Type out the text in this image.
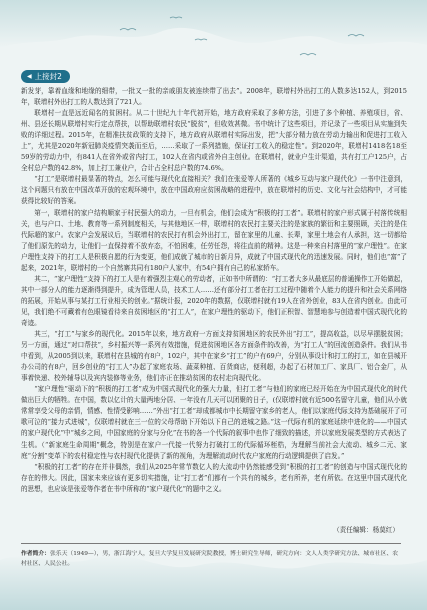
◀ 上接封2

新发芽，靠着血缘和地缘的细带，一批又一批的亲戚朋友被连续带了出去”。2008年，联增村外出打工的人数多达152人，到2015年，联增村外出打工的人数达到了721人。

联增村一直是远近闻名的贫困村。从二十世纪九十年代初开始，地方政府采取了多种方法，引进了多个种植、养殖项目，省、州、县还长期从联增村实行定点帮扶，以帮助联增村农民“脱贫”，但收效甚微。书中统计了这些项目，并记录了一些项目从实施到失败的详细过程。2015年，在精准扶贫政策的支持下，地方政府从联增村实际出发，把“大部分精力放在劳动力输出和促进打工收入上”，尤其是2020年新冠肺炎疫情突袭而至后，……采取了一系列措施，保证打工收入的稳定性”。到2020年，联增村1418名18至59岁的劳动力中，有841人在省外或省内打工，102人在省内或省外自主创业。在联增村，就业户生计渠道，共有打工户125户，占全村总户数的42.8%，加上打工兼业户，合计占全村总户数的74.6%。

“打工”是联增村最显著的特点，怎么可能与现代化直接相关？我们在张爱等人所著的《城乡互动与家户现代化》一书中注意到，这个问题只有放在中国改革开放的宏观环境中，放在中国政府应贫困战略的进程中，放在联增村的历史、文化与社会结构中，才可能获得比较好的答案。

第一，联增村的家户结构顺家于村民强大的动力，一旦有机会，他们会成为“积极的打工者”。联增村的家户形式属于村落传统相关，也与户口、土地、教育等一系列制度相关，与其他地区一样，联增村的农民打主要关注的是家族的繁衍和主要照顾，关注的是住代际超的家户。农家户会发展议后，当联增村的农民打有机会外出打工，留在家里的儿童、长辈，家里土地会有人承担，这一切都给了他们原先的动力，让他们一直保持着不放弃态，不怕困难，任劳任怨，将往直前的精神。这是一种来自村落里的“家户理性”。在家户理性支持下的打工人是积极自愿的行为变更，他们成就了城市的日新月异，成就了中国式现代化的迅速发展。同时，他们也“富”了起来，2021年，联增村的一个自然寨共同有180户人家中，有54户拥有自己的私家轿车。

其二，“家户理性”支持下的打工人是有着强烈主观心的劳动者，正如书中所谓的：“打工者大多从最底层的普通操作工开始做起，其中一部分人的能力逐渐得到提升，成为管理人员，技术工人……还有部分打工者在打工过程中随着个人能力的提升和社会关系网络的拓展，开始从事与某打工行业相关的创业。”据统计报，2020年的数据，仅联增村就有19人在省外创业，83人在省内创业。由此可见，我们绝不可藏着有色眼镜看待来自贫困地区的“打工人”，在家户理性的驱动下，他们正积智、智慧地参与创造着中国式现代化的奇迹。

其三，“打工”与家乡的现代化。2015年以来，地方政府一方面支持贫困地区的农民外出“打工”，提高收益，以尽早摆脱贫困；另一方面，通过“对口帮扶”，乡村振兴等一系列有效措施，促进贫困地区各方面条件的改善，为“打工人”的回流创造条件。我们从书中看到，从2005到以来，联增村在县城的有8户，102户，其中在家乡“打工”的户有69户，分别从事设计和打工的打工，如在县城开办公司的有8户，回乡创业的“打工人”办起了家庭农场、蔬菜种植、百货商店，便利超，办起了石材加工厂、家具厂、铝合金厂，从事着快递、校外辅导以及宾内装修等业务，他们亦正在推动贫困的农村走向现代化。

“家户理性”驱动下的“积极的打工者”成为中国式现代化的强大力量，但打工者“与他们的家庭已经开始在为中国式现代化的时代做出巨大的牺牲。在中国，数以亿计的大量两地分居、一年没有几天可以团聚的日子，(仅联增村就有近500名留守儿童，他们从小就常常享受父母的亲情，情感、性情受影响……”外出“打工者”却成都城市中长期留守家乡的老人，他们以家庭代际支持为基础展开了可歌可泣的“接力式进城”，仅联增村就在三一位的父母帮助下开始以下自己的进城之路。”这一代际有机的家庭延续中进化的——中国式的家户现代化”中“城乡之间，中国家庭的分家与分化”在书的各一个代际的叙事中也作了细致的描述，并以家庭发展类型的方式表达了生机。（“新家庭生命周期”概念，特别是在家户一代接一代努力打破打工的代际循环桎梏，为理解当前社会大流动、城乡二元、家庭“分割”变革下的农村稳定性与农村现代化提供了新的视角，为理解流动时代农户家庭的行动逻辑提供了启发。”

“积极的打工者”的存在并非偶然，我们从2025年常节数亿人的大流动中仍然能感受到“积极的打工者”的创造与中国式现代化的存在的伟大。因此，国家未来应该有更多切实措施，让“打工者”们都有一个共有的城乡，老有所养，老有所依。在这里中国式现代化的思想，也应该是张爱等作者在书中所称的“家户现代化”的题中之义。

（责任编辑：杨莫红）
作者简介：张乐天（1949—），男，浙江海宁人，复旦大学复旦发展研究院教授，博士研究生导师，研究方向：文人人类学研究方法、城市社区、农村社区、人民公社。
